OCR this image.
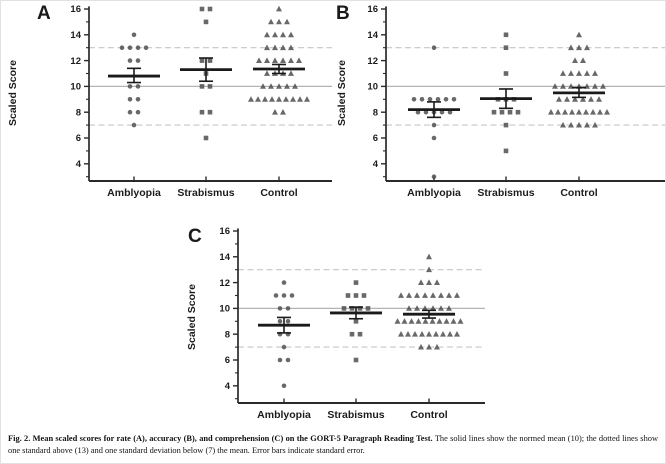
A
Scaled Score
4
6
8
10
12
14
16
Amblyopia Strabismus Control
B
Scaled Score
4
6
8
10
12
14
16
Amblyopia Strabismus Control
C
Scaled Score
4
6
8
10
12
14
16
Amblyopia Strabismus Control

Fig. 2. Mean scaled scores for rate (A), accuracy (B), and comprehension (C) on the GORT-5 Paragraph Reading Test. The solid lines show the normed mean (10); the dotted lines show one standard above (13) and one standard deviation below (7) the mean. Error bars indicate standard error.
